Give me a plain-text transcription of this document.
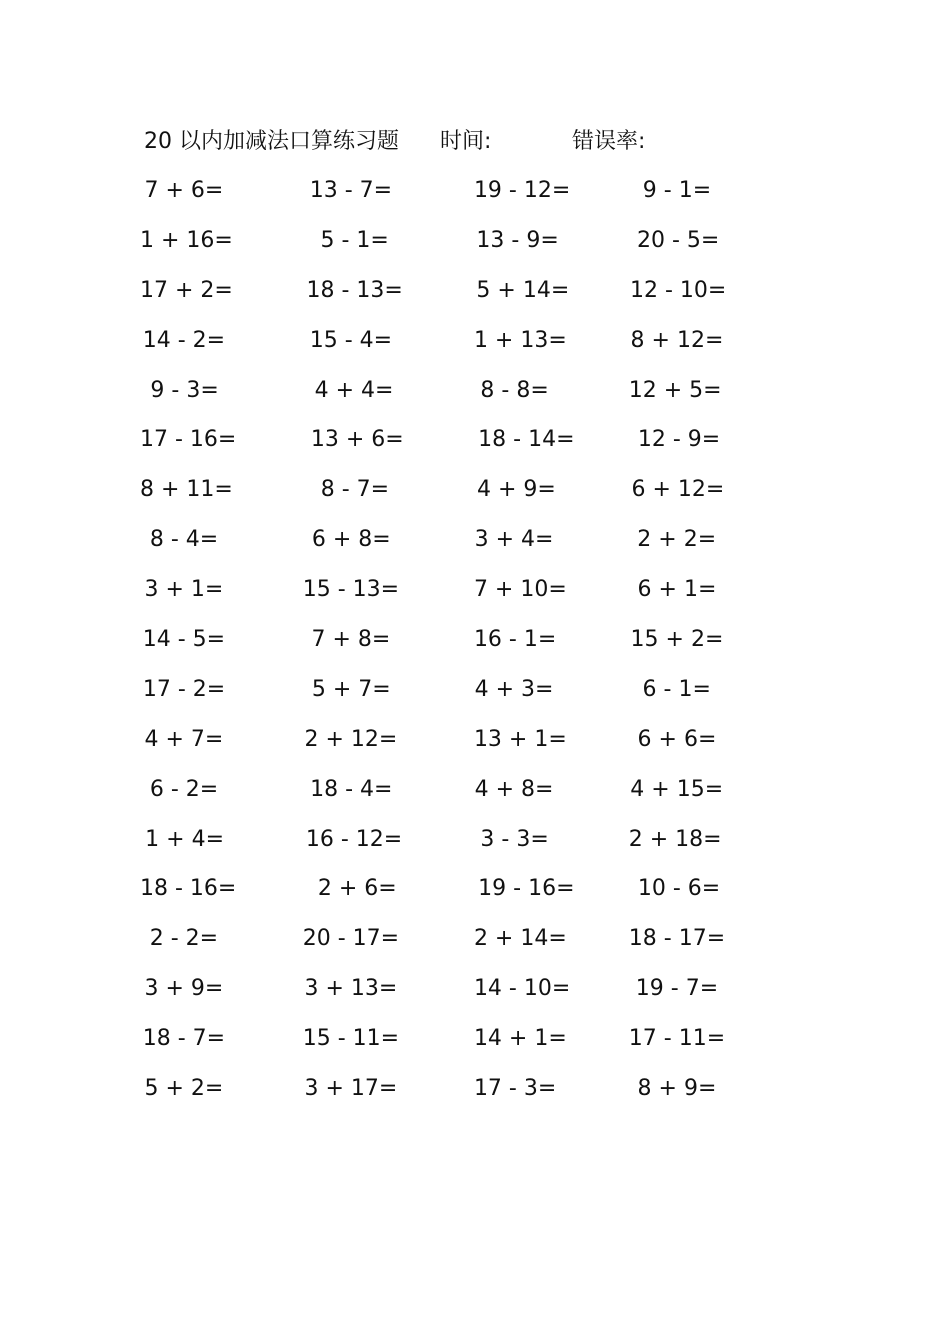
20 以内加减法口算练习题 时间:	错误率:
7 + 6=	13 - 7=	19 - 12=	9 - 1=
1 + 16=	5 - 1=	13 - 9=	20 - 5=
17 + 2=	18 - 13=	5 + 14=	12 - 10=
14 - 2=	15 - 4=	1 + 13=	8 + 12=
9 - 3=	4 + 4=	8 - 8=	12 + 5=
17 - 16=	13 + 6=	18 - 14=	12 - 9=
8 + 11=	8 - 7=	4 + 9=	6 + 12=
8 - 4=	6 + 8=	3 + 4=	2 + 2=
3 + 1=	15 - 13=	7 + 10=	6 + 1=
14 - 5=	7 + 8=	16 - 1=	15 + 2=
17 - 2=	5 + 7=	4 + 3=	6 - 1=
4 + 7=	2 + 12=	13 + 1=	6 + 6=
6 - 2=	18 - 4=	4 + 8=	4 + 15=
1 + 4=	16 - 12=	3 - 3=	2 + 18=
18 - 16=	2 + 6=	19 - 16=	10 - 6=
2 - 2=	20 - 17=	2 + 14=	18 - 17=
3 + 9=	3 + 13=	14 - 10=	19 - 7=
18 - 7=	15 - 11=	14 + 1=	17 - 11=
5 + 2=	3 + 17=	17 - 3=	8 + 9=
